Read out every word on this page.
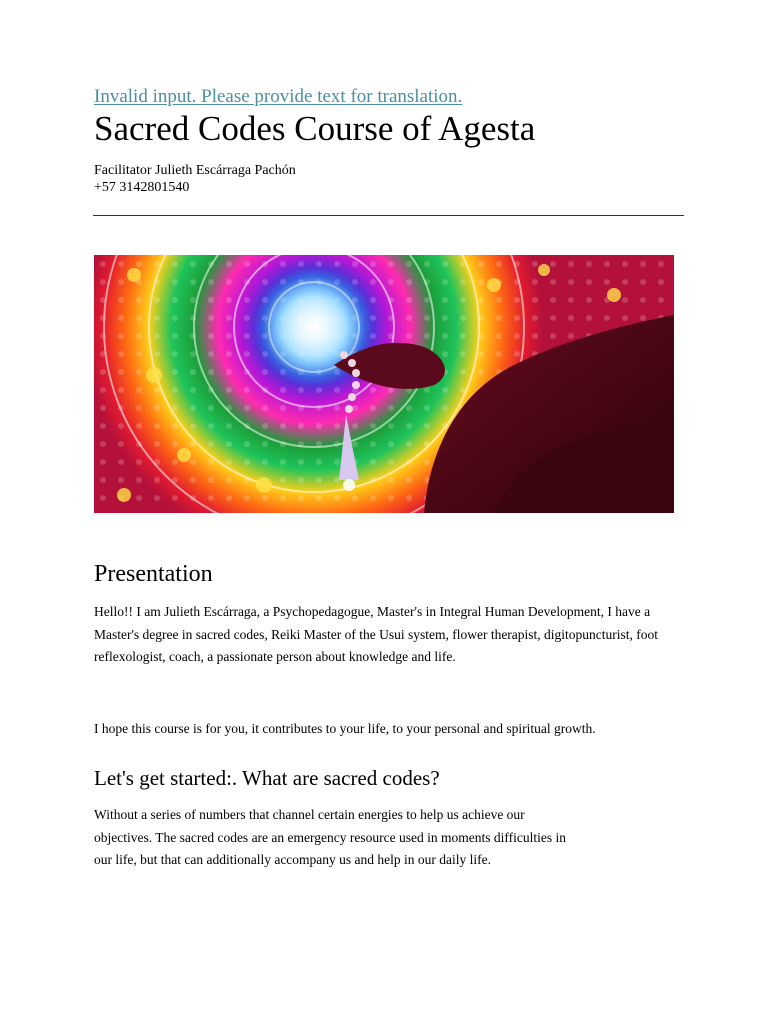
Invalid input. Please provide text for translation.
Sacred Codes Course of Agesta
Facilitator Julieth Escárraga Pachón
+57 3142801540
Presentation

Hello!! I am Julieth Escárraga, a Psychopedagogue, Master's in Integral Human Development, I have a Master's degree in sacred codes, Reiki Master of the Usui system, flower therapist, digitopuncturist, foot reflexologist, coach, a passionate person about knowledge and life.

I hope this course is for you, it contributes to your life, to your personal and spiritual growth.

Let's get started:. What are sacred codes?

Without a series of numbers that channel certain energies to help us achieve our objectives. The sacred codes are an emergency resource used in moments difficulties in our life, but that can additionally accompany us and help in our daily life.
